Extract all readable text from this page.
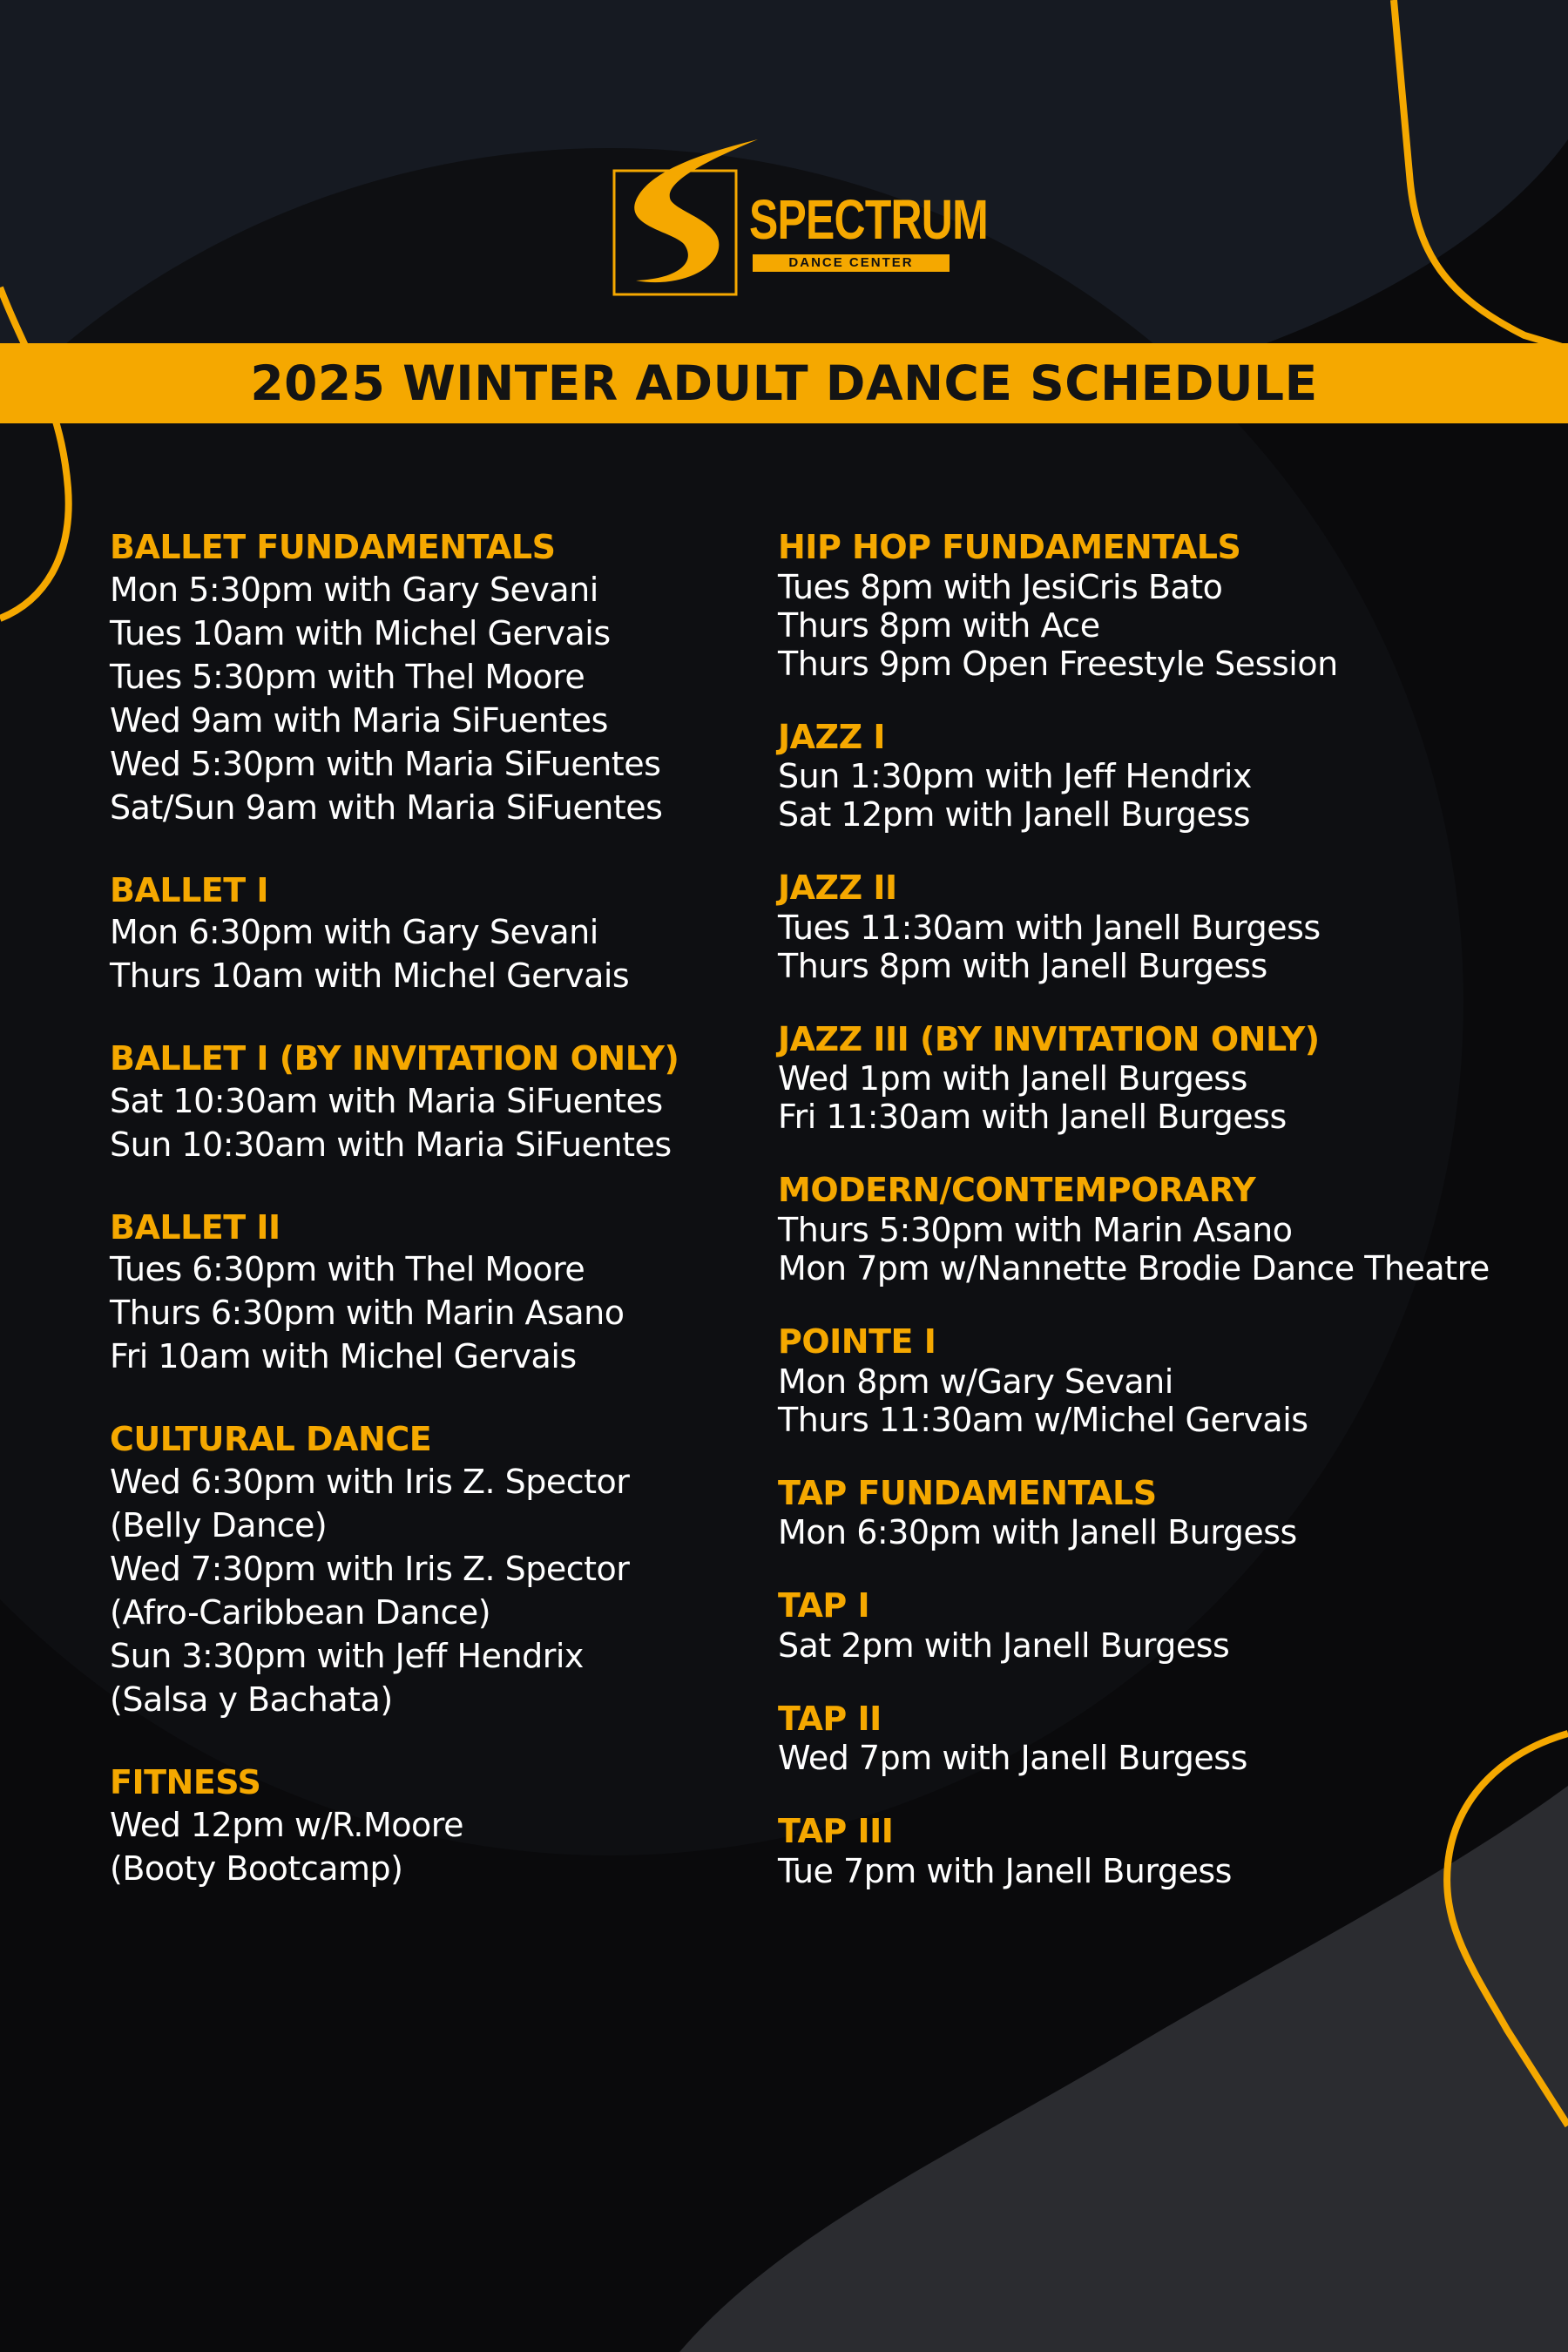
SPECTRUM
DANCE CENTER
2025 WINTER ADULT DANCE SCHEDULE
BALLET FUNDAMENTALS
Mon 5:30pm with Gary Sevani
Tues 10am with Michel Gervais
Tues 5:30pm with Thel Moore
Wed 9am with Maria SiFuentes
Wed 5:30pm with Maria SiFuentes
Sat/Sun 9am with Maria SiFuentes
BALLET I
Mon 6:30pm with Gary Sevani
Thurs 10am with Michel Gervais
BALLET I (BY INVITATION ONLY)
Sat 10:30am with Maria SiFuentes
Sun 10:30am with Maria SiFuentes
BALLET II
Tues 6:30pm with Thel Moore
Thurs 6:30pm with Marin Asano
Fri 10am with Michel Gervais
CULTURAL DANCE
Wed 6:30pm with Iris Z. Spector
(Belly Dance)
Wed 7:30pm with Iris Z. Spector
(Afro-Caribbean Dance)
Sun 3:30pm with Jeff Hendrix
(Salsa y Bachata)
FITNESS
Wed 12pm w/R.Moore
(Booty Bootcamp)
HIP HOP FUNDAMENTALS
Tues 8pm with JesiCris Bato
Thurs 8pm with Ace
Thurs 9pm Open Freestyle Session
JAZZ I
Sun 1:30pm with Jeff Hendrix
Sat 12pm with Janell Burgess
JAZZ II
Tues 11:30am with Janell Burgess
Thurs 8pm with Janell Burgess
JAZZ III (BY INVITATION ONLY)
Wed 1pm with Janell Burgess
Fri 11:30am with Janell Burgess
MODERN/CONTEMPORARY
Thurs 5:30pm with Marin Asano
Mon 7pm w/Nannette Brodie Dance Theatre
POINTE I
Mon 8pm w/Gary Sevani
Thurs 11:30am w/Michel Gervais
TAP FUNDAMENTALS
Mon 6:30pm with Janell Burgess
TAP I
Sat 2pm with Janell Burgess
TAP II
Wed 7pm with Janell Burgess
TAP III
Tue 7pm with Janell Burgess
